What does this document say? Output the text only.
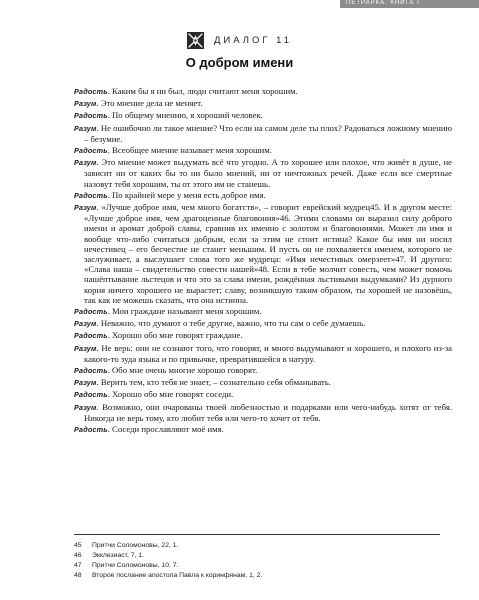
ПЕТРАРКА. КНИГА I
ДИАЛОГ 11
О добром имени

Радость. Каким бы я ни был, люди считают меня хорошим.

Разум. Это мнение дела не меняет.

Радость. По общему мнению, я хороший человек.

Разум. Не ошибочно ли такое мнение? Что если на самом деле ты плох? Радоваться ложному мнению – безумие.

Радость. Всеобщее мнение называет меня хорошим.

Разум. Это мнение может выдумать всё что угодно. А то хорошее или плохое, что живёт в душе, не зависит ни от каких бы то ни было мнений, ни от ничтожных речей. Даже если все смертные назовут тебя хорошим, ты от этого им не станешь.

Радость. По крайней мере у меня есть доброе имя.

Разум. «Лучше доброе имя, чем много богатств», – говорит еврейский мудрец45. И в другом месте: «Лучше доброе имя, чем драгоценные благовония»46. Этими словами он выразил силу доброго имени и аромат доброй славы, сравнив их именно с золотом и благовониями. Может ли имя и вообще что-либо считаться добрым, если за этим не стоит истина? Какое бы имя ни носил нечестивец – его бесчестие не станет меньшим. И пусть он не похваляется именем, которого не заслуживает, а выслушает слова того же мудреца: «Имя нечестивых омерзеет»47. И другого: «Слава наша – свидетельство совести нашей»48. Если в тебе молчит совесть, чем может помочь нашёптывание льстецов и что это за слава имени, рождённая льстивыми выдумками? Из дурного корня ничего хорошего не вырастет; славу, возникшую таким образом, ты хорошей не назовёшь, так как не можешь сказать, что она истинна.

Радость. Мои граждане называют меня хорошим.

Разум. Неважно, что думают о тебе другие, важно, что ты сам о себе думаешь.

Радость. Хорошо обо мне говорят граждане.

Разум. Не верь: они не сознают того, что говорят, и много выдумывают и хорошего, и плохого из-за какого-то зуда языка и по привычке, превратившейся в натуру.

Радость. Обо мне очень многие хорошо говорят.

Разум. Верить тем, кто тебя не знает, – сознательно себя обманывать.

Радость. Хорошо обо мне говорят соседи.

Разум. Возможно, они очарованы твоей любезностью и подарками или чего-нибудь хотят от тебя. Никогда не верь тому, кто любит тебя или чего-то хочет от тебя.

Радость. Соседи прославляют моё имя.

45 Притчи Соломоновы, 22, 1.
46 Экклезиаст, 7, 1.
47 Притчи Соломоновы, 10, 7.
48 Второе послание апостола Павла к коринфянам, 1, 2.
